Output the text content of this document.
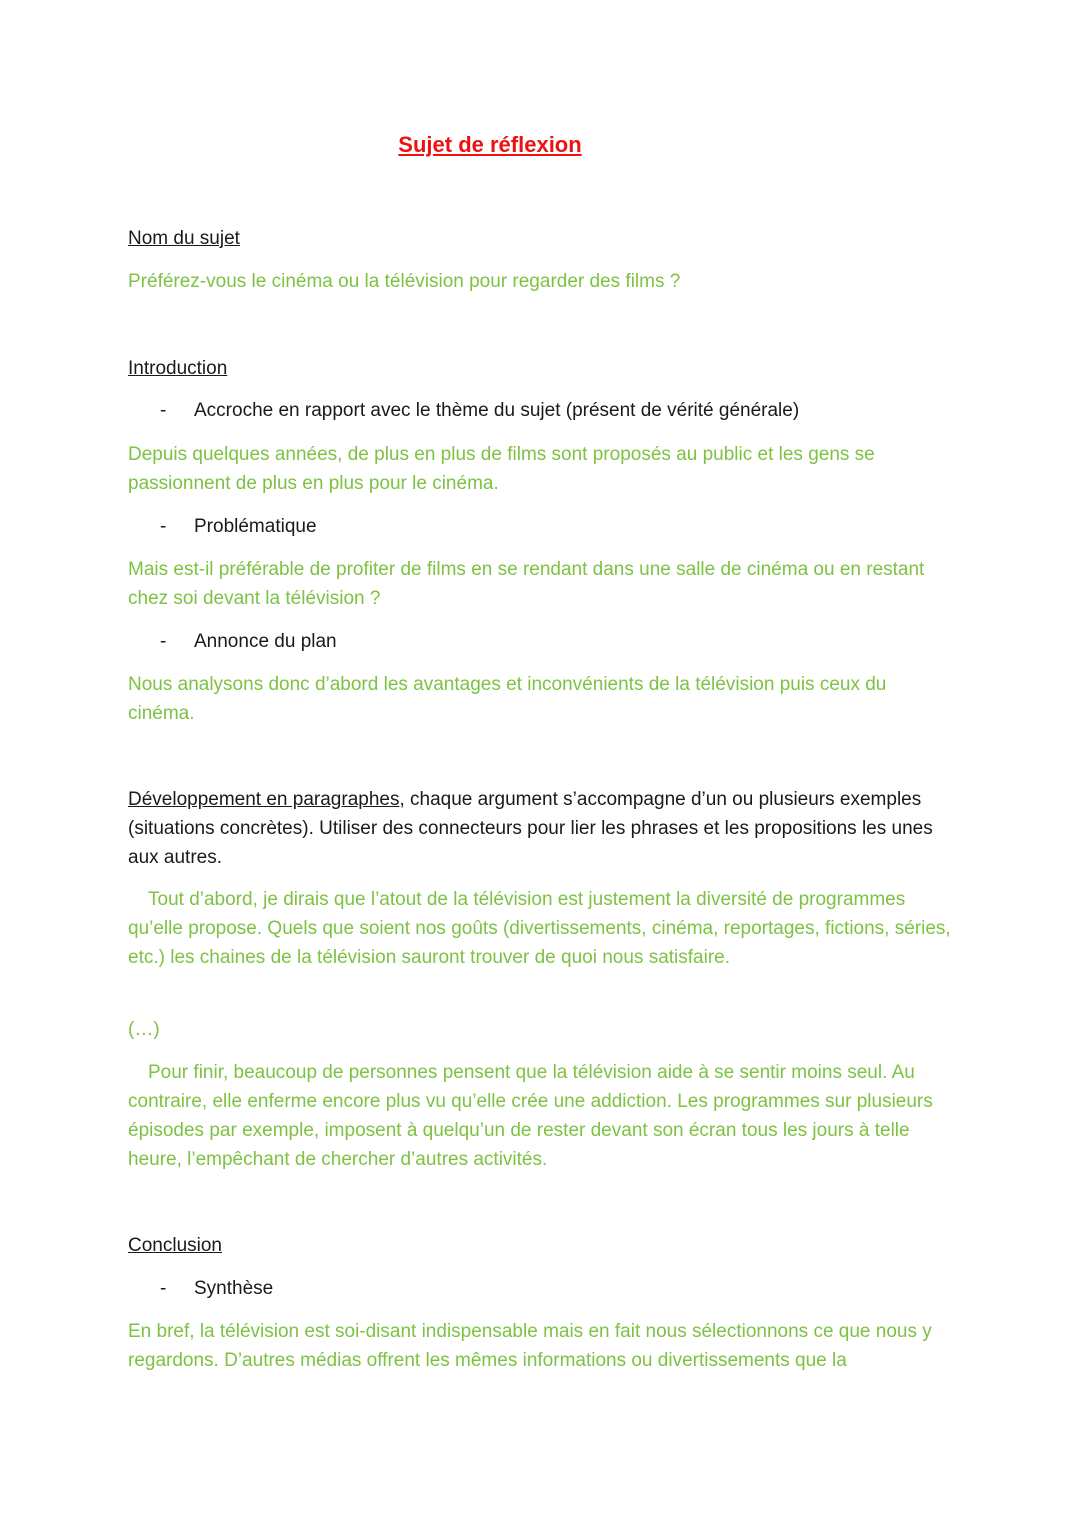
Sujet de réflexion
Nom du sujet
Préférez-vous le cinéma ou la télévision pour regarder des films ?
Introduction
- Accroche en rapport avec le thème du sujet (présent de vérité générale)
Depuis quelques années, de plus en plus de films sont proposés au public et les gens se passionnent de plus en plus pour le cinéma.
- Problématique
Mais est-il préférable de profiter de films en se rendant dans une salle de cinéma ou en restant chez soi devant la télévision ?
- Annonce du plan
Nous analysons donc d’abord les avantages et inconvénients de la télévision puis ceux du cinéma.
Développement en paragraphes, chaque argument s’accompagne d’un ou plusieurs exemples (situations concrètes). Utiliser des connecteurs pour lier les phrases et les propositions les unes aux autres.
Tout d’abord, je dirais que l’atout de la télévision est justement la diversité de programmes qu’elle propose. Quels que soient nos goûts (divertissements, cinéma, reportages, fictions, séries, etc.) les chaines de la télévision sauront trouver de quoi nous satisfaire.
(…)
Pour finir, beaucoup de personnes pensent que la télévision aide à se sentir moins seul. Au contraire, elle enferme encore plus vu qu’elle crée une addiction. Les programmes sur plusieurs épisodes par exemple, imposent à quelqu’un de rester devant son écran tous les jours à telle heure, l’empêchant de chercher d’autres activités.
Conclusion
- Synthèse
En bref, la télévision est soi-disant indispensable mais en fait nous sélectionnons ce que nous y regardons. D’autres médias offrent les mêmes informations ou divertissements que la
